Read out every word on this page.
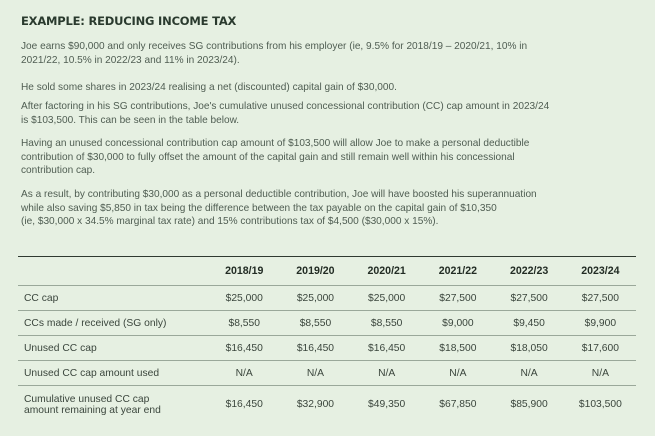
EXAMPLE: REDUCING INCOME TAX
Joe earns $90,000 and only receives SG contributions from his employer (ie, 9.5% for 2018/19 – 2020/21, 10% in
2021/22, 10.5% in 2022/23 and 11% in 2023/24).
He sold some shares in 2023/24 realising a net (discounted) capital gain of $30,000.
After factoring in his SG contributions, Joe's cumulative unused concessional contribution (CC) cap amount in 2023/24
is $103,500. This can be seen in the table below.
Having an unused concessional contribution cap amount of $103,500 will allow Joe to make a personal deductible
contribution of $30,000 to fully offset the amount of the capital gain and still remain well within his concessional
contribution cap.
As a result, by contributing $30,000 as a personal deductible contribution, Joe will have boosted his superannuation
while also saving $5,850 in tax being the difference between the tax payable on the capital gain of $10,350
(ie, $30,000 x 34.5% marginal tax rate) and 15% contributions tax of $4,500 ($30,000 x 15%).
	2018/19	2019/20	2020/21	2021/22	2022/23	2023/24
CC cap	$25,000	$25,000	$25,000	$27,500	$27,500	$27,500
CCs made / received (SG only)	$8,550	$8,550	$8,550	$9,000	$9,450	$9,900
Unused CC cap	$16,450	$16,450	$16,450	$18,500	$18,050	$17,600
Unused CC cap amount used	N/A	N/A	N/A	N/A	N/A	N/A

Cumulative unused CC cap
amount remaining at year end	$16,450	$32,900	$49,350	$67,850	$85,900	$103,500
